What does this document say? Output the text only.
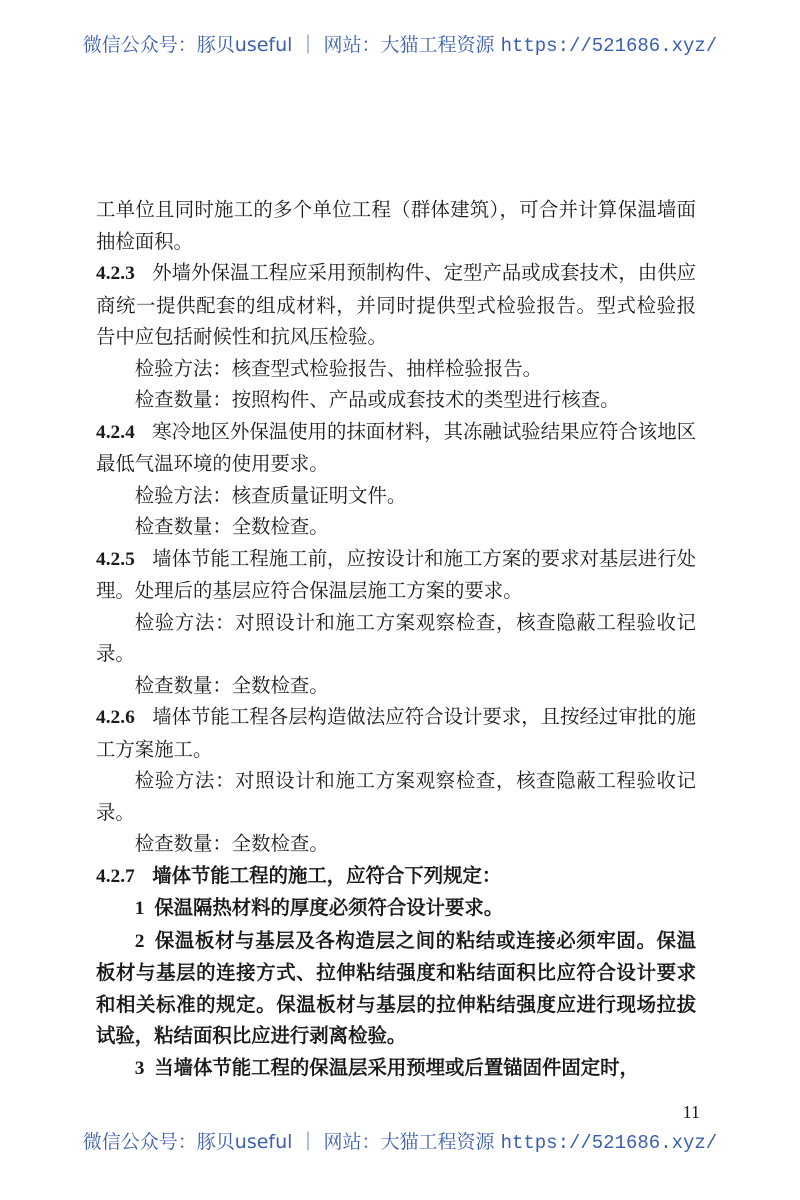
微信公众号：豚贝useful ｜ 网站：大猫工程资源 https://521686.xyz/

工单位且同时施工的多个单位工程（群体建筑），可合并计算保温墙面抽检面积。

4.2.3 外墙外保温工程应采用预制构件、定型产品或成套技术，由供应商统一提供配套的组成材料，并同时提供型式检验报告。型式检验报告中应包括耐候性和抗风压检验。

检验方法：核查型式检验报告、抽样检验报告。

检查数量：按照构件、产品或成套技术的类型进行核查。

4.2.4 寒冷地区外保温使用的抹面材料，其冻融试验结果应符合该地区最低气温环境的使用要求。

检验方法：核查质量证明文件。

检查数量：全数检查。

4.2.5 墙体节能工程施工前，应按设计和施工方案的要求对基层进行处理。处理后的基层应符合保温层施工方案的要求。

检验方法：对照设计和施工方案观察检查，核查隐蔽工程验收记录。

检查数量：全数检查。

4.2.6 墙体节能工程各层构造做法应符合设计要求，且按经过审批的施工方案施工。

检验方法：对照设计和施工方案观察检查，核查隐蔽工程验收记录。

检查数量：全数检查。

4.2.7 墙体节能工程的施工，应符合下列规定：

1 保温隔热材料的厚度必须符合设计要求。

2 保温板材与基层及各构造层之间的粘结或连接必须牢固。保温板材与基层的连接方式、拉伸粘结强度和粘结面积比应符合设计要求和相关标准的规定。保温板材与基层的拉伸粘结强度应进行现场拉拔试验，粘结面积比应进行剥离检验。

3 当墙体节能工程的保温层采用预埋或后置锚固件固定时，

11
微信公众号：豚贝useful ｜ 网站：大猫工程资源 https://521686.xyz/
